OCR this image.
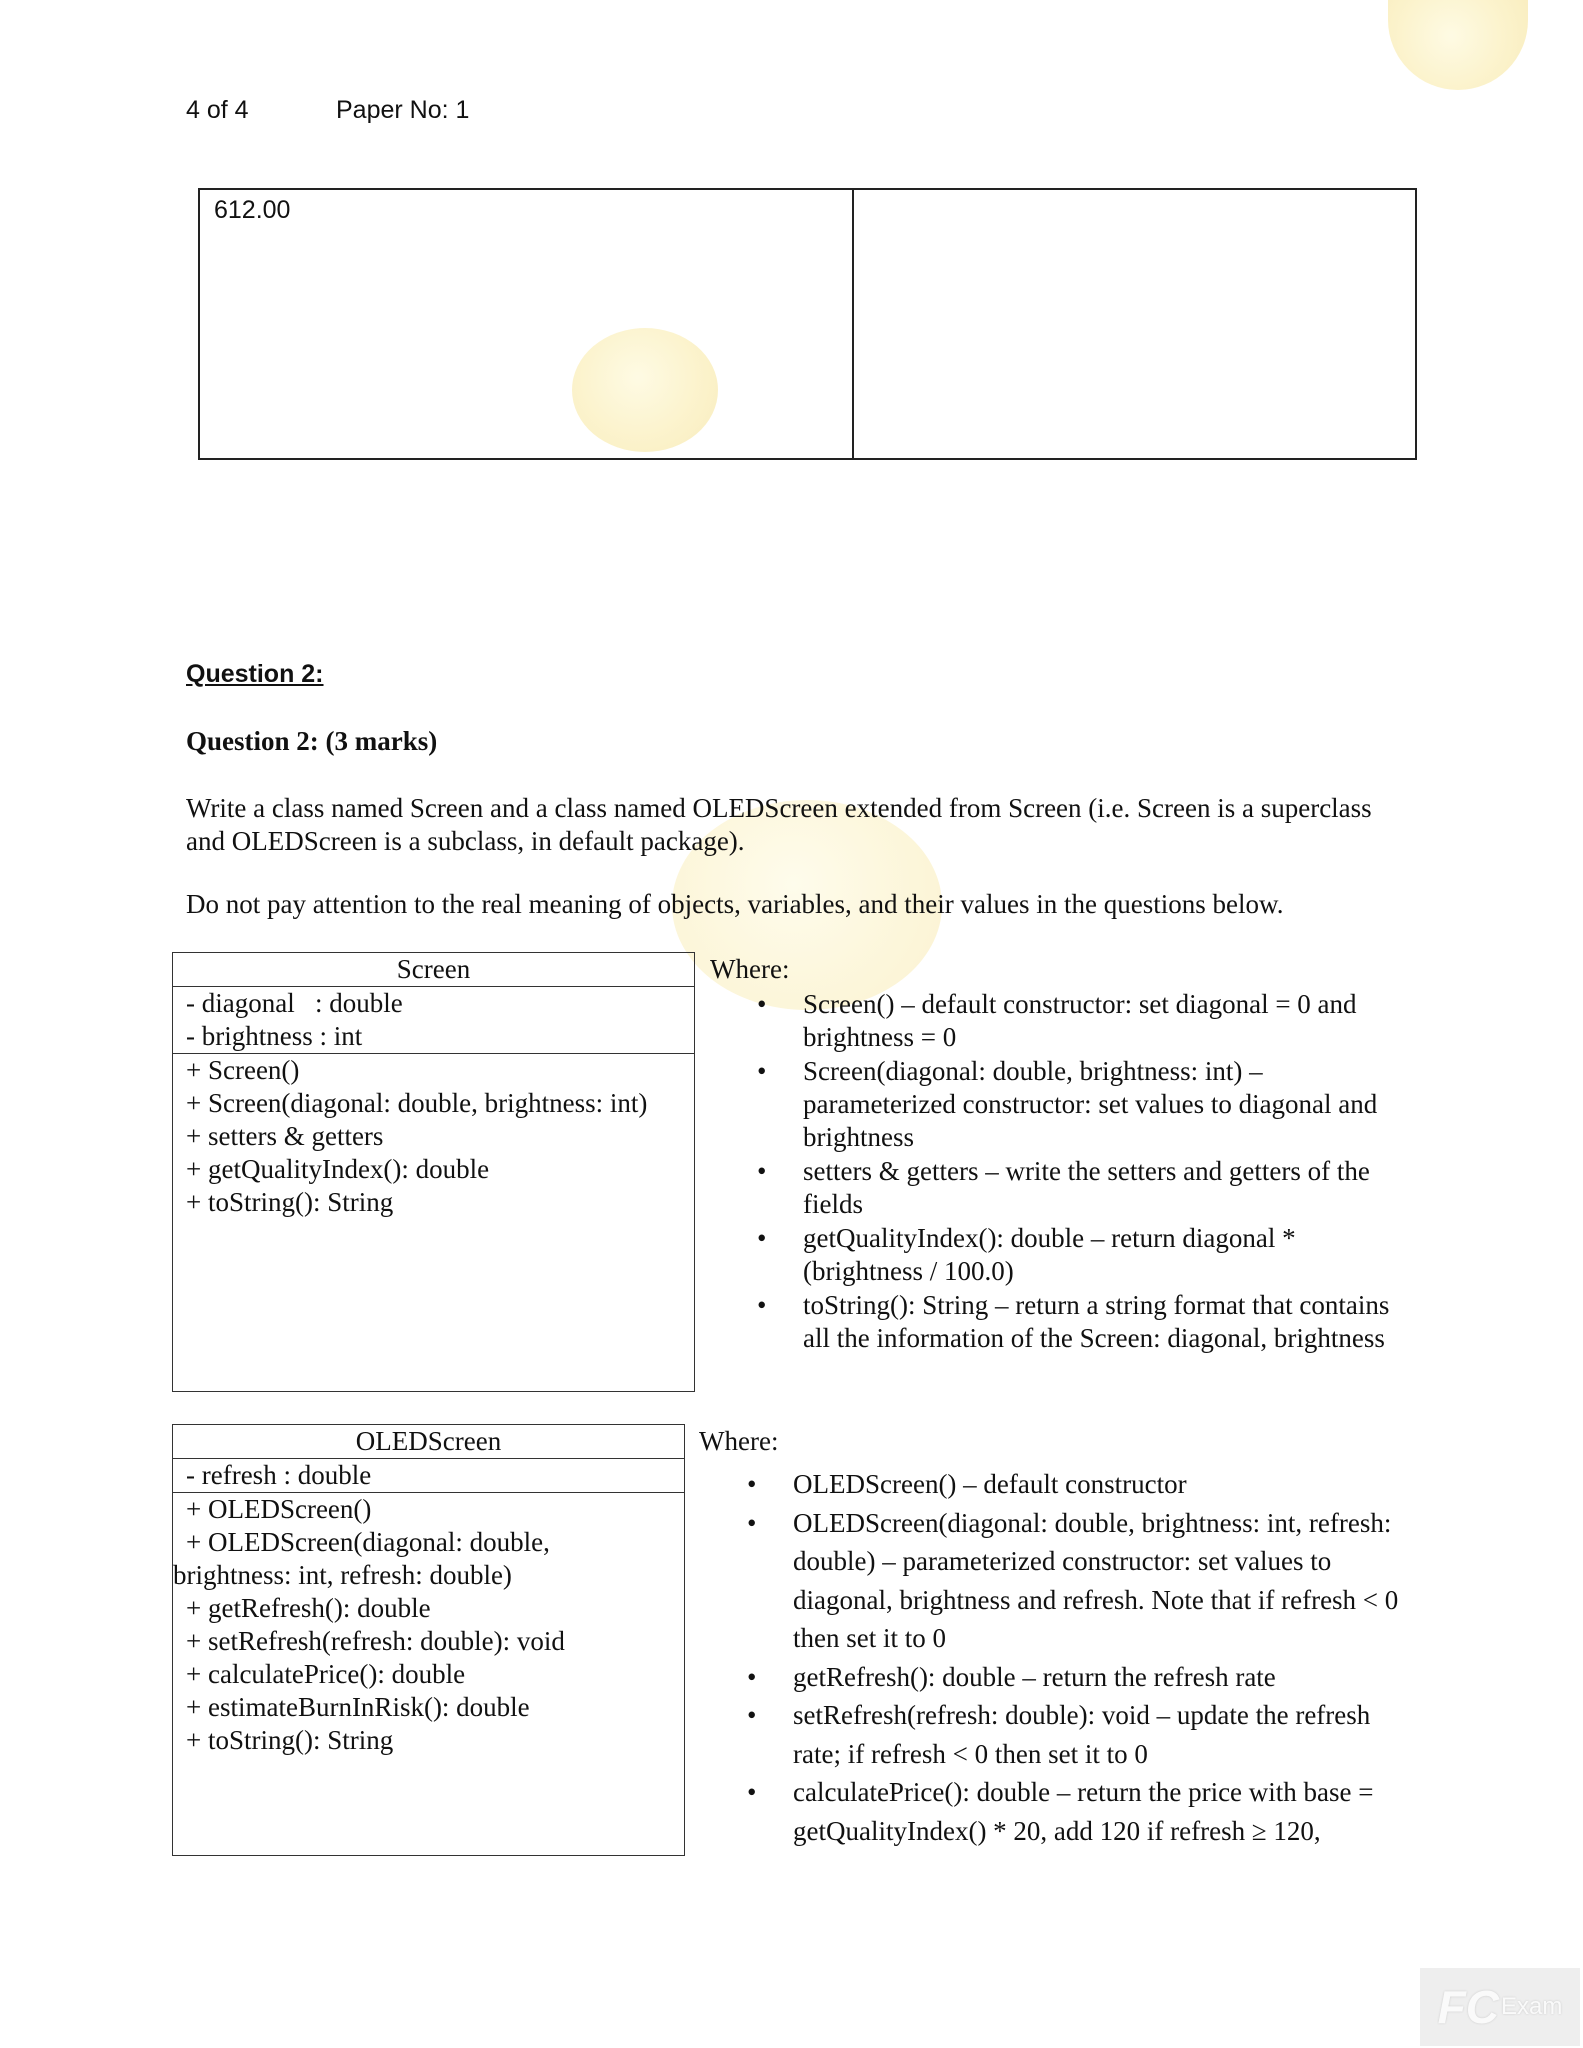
4 of 4	Paper No: 1
612.00
Question 2:
Question 2: (3 marks)
Write a class named Screen and a class named OLEDScreen extended from Screen (i.e. Screen is a superclass and OLEDScreen is a subclass, in default package).
Do not pay attention to the real meaning of objects, variables, and their values in the questions below.
Screen
- diagonal   : double
- brightness : int
+ Screen()
+ Screen(diagonal: double, brightness: int)
+ setters & getters
+ getQualityIndex(): double
+ toString(): String
Where:
• Screen() – default constructor: set diagonal = 0 and brightness = 0
• Screen(diagonal: double, brightness: int) – parameterized constructor: set values to diagonal and brightness
• setters & getters – write the setters and getters of the fields
• getQualityIndex(): double – return diagonal * (brightness / 100.0)
• toString(): String – return a string format that contains all the information of the Screen: diagonal, brightness
OLEDScreen
- refresh : double
+ OLEDScreen()
+ OLEDScreen(diagonal: double,
brightness: int, refresh: double)
+ getRefresh(): double
+ setRefresh(refresh: double): void
+ calculatePrice(): double
+ estimateBurnInRisk(): double
+ toString(): String
Where:
• OLEDScreen() – default constructor
• OLEDScreen(diagonal: double, brightness: int, refresh: double) – parameterized constructor: set values to diagonal, brightness and refresh. Note that if refresh < 0 then set it to 0
• getRefresh(): double – return the refresh rate
• setRefresh(refresh: double): void – update the refresh rate; if refresh < 0 then set it to 0
• calculatePrice(): double – return the price with base = getQualityIndex() * 20, add 120 if refresh ≥ 120,
FC Exam
